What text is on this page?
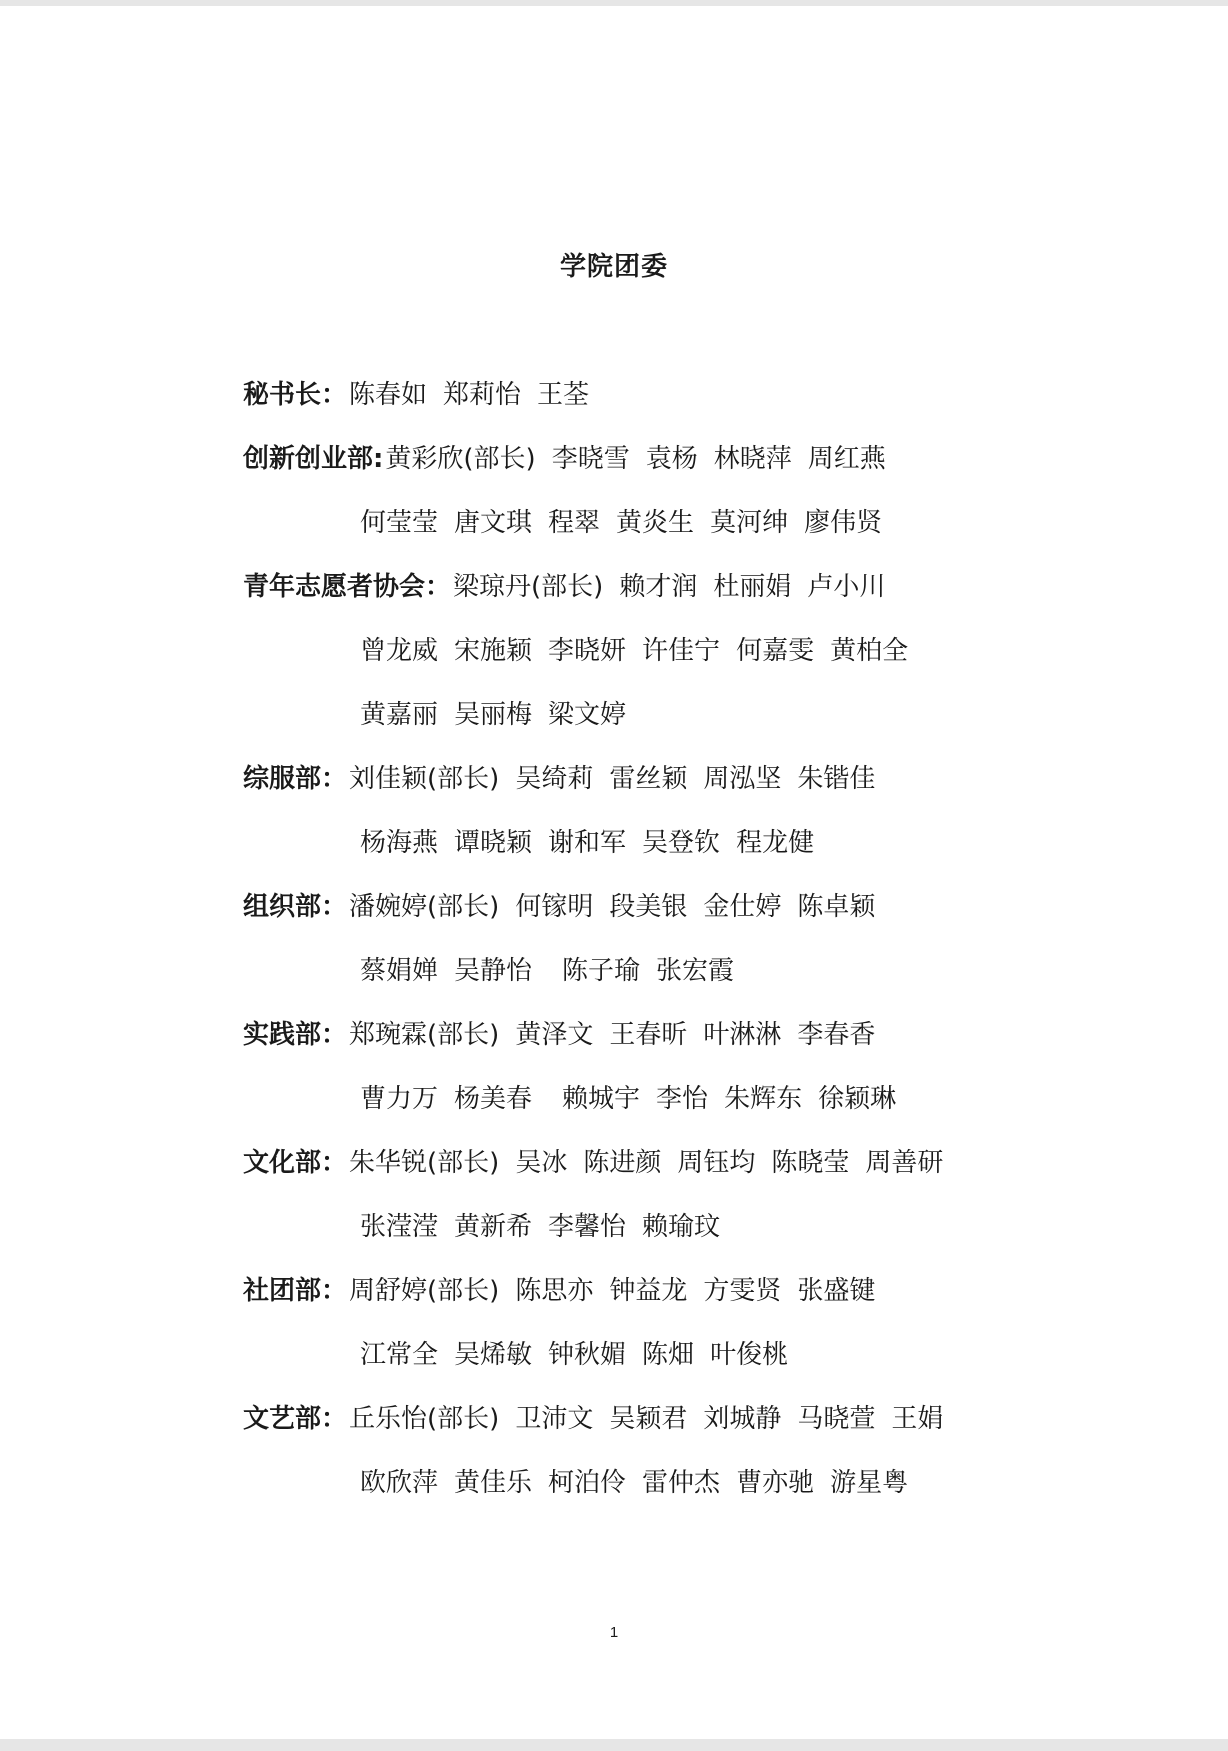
学院团委
秘书长： 陈春如 郑莉怡 王荃
创新创业部: 黄彩欣(部长) 李晓雪 袁杨 林晓萍 周红燕
何莹莹 唐文琪 程翠 黄炎生 莫河绅 廖伟贤
青年志愿者协会： 梁琼丹(部长) 赖才润 杜丽娟 卢小川
曾龙威 宋施颖 李晓妍 许佳宁 何嘉雯 黄柏全
黄嘉丽 吴丽梅 梁文婷
综服部： 刘佳颖(部长) 吴绮莉 雷丝颖 周泓坚 朱锴佳
杨海燕 谭晓颖 谢和军 吴登钦 程龙健
组织部： 潘婉婷(部长) 何镓明 段美银 金仕婷 陈卓颖
蔡娟婵 吴静怡 陈子瑜 张宏霞
实践部： 郑琬霖(部长) 黄泽文 王春昕 叶淋淋 李春香
曹力万 杨美春 赖城宇 李怡 朱辉东 徐颖琳
文化部： 朱华锐(部长) 吴冰 陈进颜 周钰均 陈晓莹 周善研
张滢滢 黄新希 李馨怡 赖瑜玟
社团部： 周舒婷(部长) 陈思亦 钟益龙 方雯贤 张盛键
江常全 吴烯敏 钟秋媚 陈畑 叶俊桃
文艺部： 丘乐怡(部长) 卫沛文 吴颖君 刘城静 马晓萱 王娟
欧欣萍 黄佳乐 柯泊伶 雷仲杰 曹亦驰 游星粤
1
